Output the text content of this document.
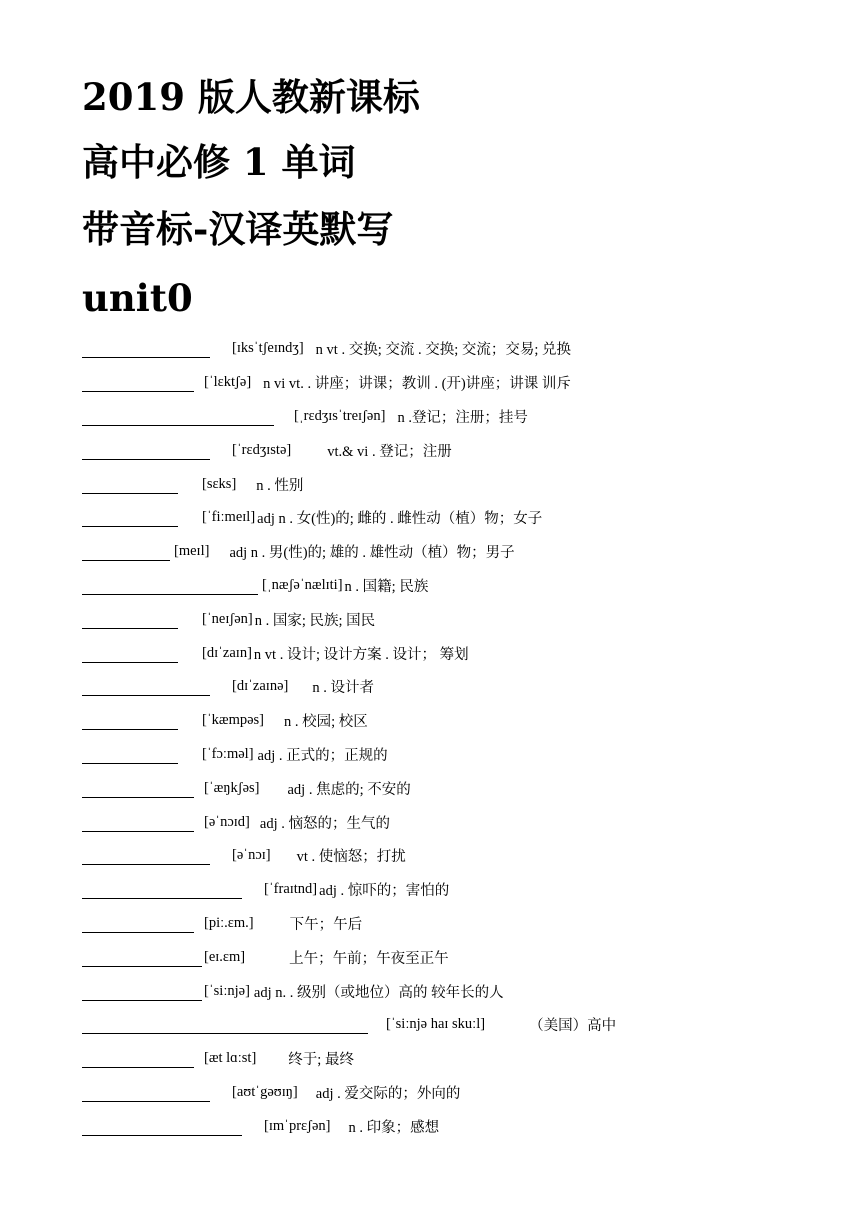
2019 版人教新课标
高中必修 1 单词
带音标-汉译英默写
unit0
[ɪksˈtʃeɪndʒ] n vt . 交换; 交流 . 交换; 交流；交易; 兑换
[ˈlɛktʃə] n vi vt. . 讲座；讲课；教训 . (开)讲座；讲课 训斥
[ˌrɛdʒɪsˈtreɪʃən] n .登记；注册；挂号
[ˈrɛdʒɪstə] vt.& vi . 登记；注册
[sɛks] n . 性别
[ˈfiːmeɪl] adj n . 女(性)的; 雌的 . 雌性动（植）物；女子
[meɪl] adj n . 男(性)的; 雄的 . 雄性动（植）物；男子
[ˌnæʃəˈnælɪti] n . 国籍; 民族
[ˈneɪʃən] n . 国家; 民族; 国民
[dɪˈzaɪn] n vt . 设计; 设计方案 . 设计； 筹划
[dɪˈzaɪnə] n . 设计者
[ˈkæmpəs] n . 校园; 校区
[ˈfɔːməl] adj . 正式的；正规的
[ˈæŋkʃəs] adj . 焦虑的; 不安的
[əˈnɔɪd] adj . 恼怒的；生气的
[əˈnɔɪ] vt . 使恼怒；打扰
[ˈfraɪtnd] adj . 惊吓的；害怕的
[piː.ɛm.] 下午；午后
[eɪ.ɛm]	上午；午前；午夜至正午
[ˈsiːnjə] adj n. . 级别（或地位）高的 较年长的人
[ˈsiːnjə haɪ skuːl]	（美国）高中
[æt lɑːst] 终于; 最终
[aʊtˈgəʊɪŋ] adj . 爱交际的；外向的
[ɪmˈprɛʃən] n . 印象；感想
